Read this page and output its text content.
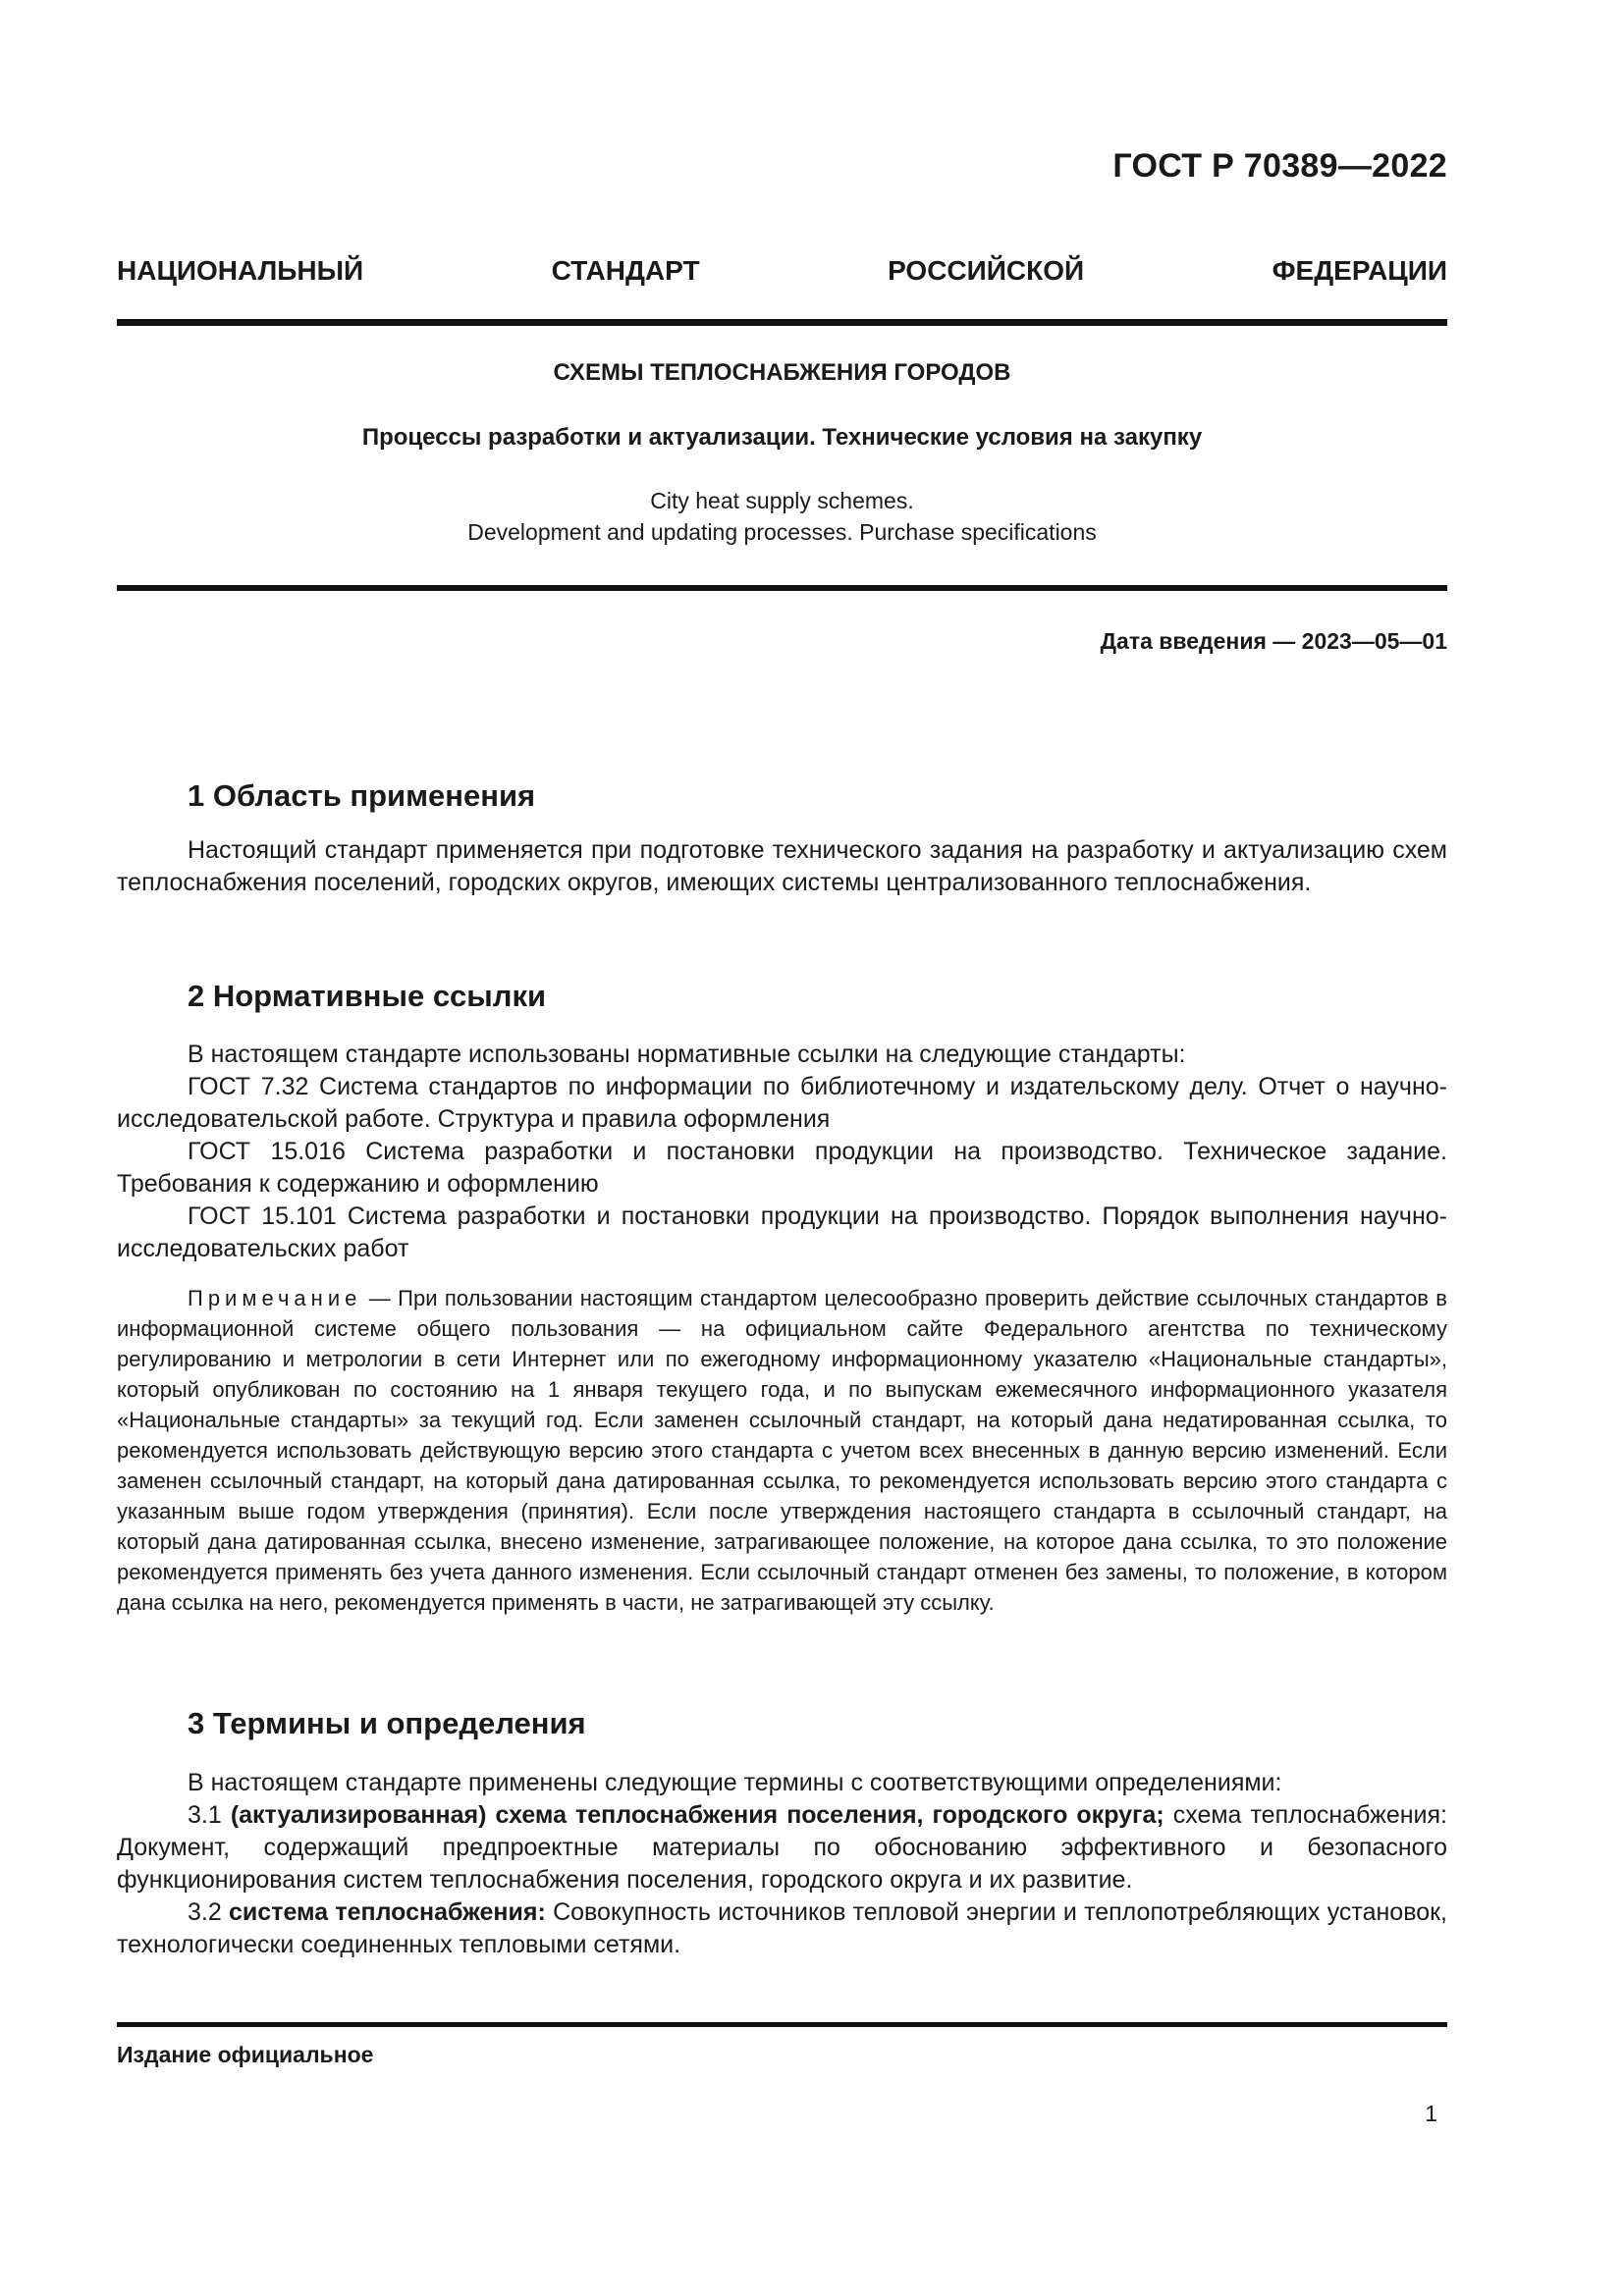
ГОСТ Р 70389—2022
НАЦИОНАЛЬНЫЙ СТАНДАРТ РОССИЙСКОЙ ФЕДЕРАЦИИ
СХЕМЫ ТЕПЛОСНАБЖЕНИЯ ГОРОДОВ
Процессы разработки и актуализации. Технические условия на закупку
City heat supply schemes.
Development and updating processes. Purchase specifications
Дата введения — 2023—05—01
1 Область применения
Настоящий стандарт применяется при подготовке технического задания на разработку и актуализацию схем теплоснабжения поселений, городских округов, имеющих системы централизованного теплоснабжения.
2 Нормативные ссылки

В настоящем стандарте использованы нормативные ссылки на следующие стандарты:

ГОСТ 7.32 Система стандартов по информации по библиотечному и издательскому делу. Отчет о научно-исследовательской работе. Структура и правила оформления

ГОСТ 15.016 Система разработки и постановки продукции на производство. Техническое задание. Требования к содержанию и оформлению

ГОСТ 15.101 Система разработки и постановки продукции на производство. Порядок выполнения научно-исследовательских работ

Примечание — При пользовании настоящим стандартом целесообразно проверить действие ссылочных стандартов в информационной системе общего пользования — на официальном сайте Федерального агентства по техническому регулированию и метрологии в сети Интернет или по ежегодному информационному указателю «Национальные стандарты», который опубликован по состоянию на 1 января текущего года, и по выпускам ежемесячного информационного указателя «Национальные стандарты» за текущий год. Если заменен ссылочный стандарт, на который дана недатированная ссылка, то рекомендуется использовать действующую версию этого стандарта с учетом всех внесенных в данную версию изменений. Если заменен ссылочный стандарт, на который дана датированная ссылка, то рекомендуется использовать версию этого стандарта с указанным выше годом утверждения (принятия). Если после утверждения настоящего стандарта в ссылочный стандарт, на который дана датированная ссылка, внесено изменение, затрагивающее положение, на которое дана ссылка, то это положение рекомендуется применять без учета данного изменения. Если ссылочный стандарт отменен без замены, то положение, в котором дана ссылка на него, рекомендуется применять в части, не затрагивающей эту ссылку.
3 Термины и определения

В настоящем стандарте применены следующие термины с соответствующими определениями:

3.1 (актуализированная) схема теплоснабжения поселения, городского округа; схема теплоснабжения: Документ, содержащий предпроектные материалы по обоснованию эффективного и безопасного функционирования систем теплоснабжения поселения, городского округа и их развитие.

3.2 система теплоснабжения: Совокупность источников тепловой энергии и теплопотребляющих установок, технологически соединенных тепловыми сетями.

Издание официальное
1
